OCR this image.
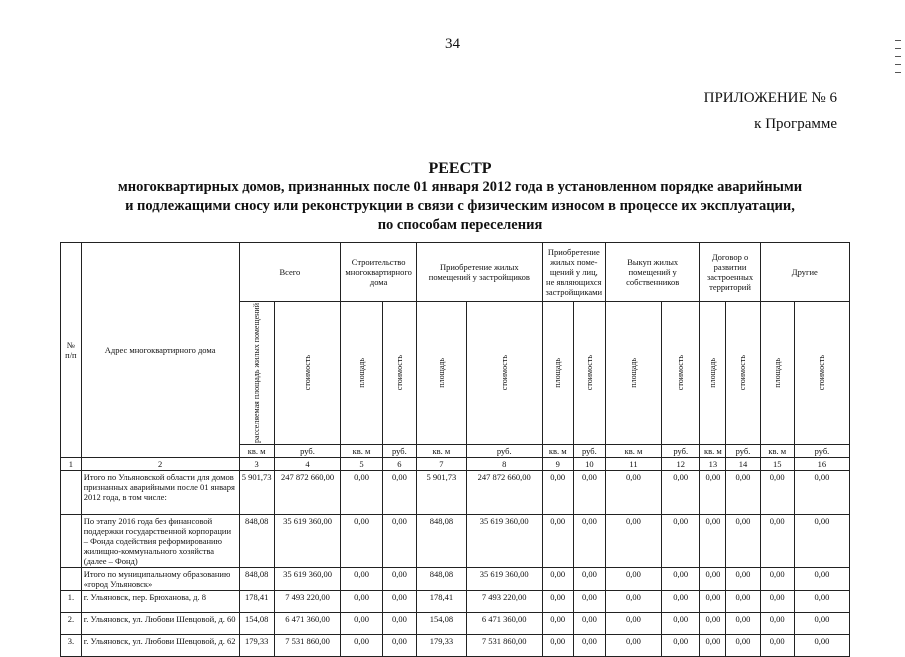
34
ПРИЛОЖЕНИЕ № 6
к Программе
РЕЕСТР
многоквартирных домов, признанных после 01 января 2012 года в установленном порядке аварийными
и подлежащими сносу или реконструкции в связи с физическим износом в процессе их эксплуатации,
по способам переселения
№ п/п	Адрес многоквартирного дома	Всего		Строительство многоквартирного дома		Приобретение жилых помещений у застройщиков		Приобретение жилых поме-щений у лиц, не являющихся застройщиками		Выкуп жилых помещений у собственников		Договор о развитии застроенных территорий		Другие	

		расселяемая площадь жилых помещений	стоимость	площадь	стоимость	площадь	стоимость	площадь	стоимость	площадь	стоимость	площадь	стоимость	площадь	стоимость

		кв. м	руб.	кв. м	руб.	кв. м	руб.	кв. м	руб.	кв. м	руб.	кв. м	руб.	кв. м	руб.
1	2	3	4	5	6	7	8	9	10	11	12	13	14	15	16
	Итого по Ульяновской области для домов признанных аварийными после 01 января 2012 года, в том числе:	5 901,73	247 872 660,00	0,00	0,00	5 901,73	247 872 660,00	0,00	0,00	0,00	0,00	0,00	0,00	0,00	0,00
	По этапу 2016 года без финансовой поддержки государственной корпорации – Фонда содействия реформированию жилищно-коммунального хозяйства (далее – Фонд)	848,08	35 619 360,00	0,00	0,00	848,08	35 619 360,00	0,00	0,00	0,00	0,00	0,00	0,00	0,00	0,00
	Итого по муниципальному образованию «город Ульяновск»	848,08	35 619 360,00	0,00	0,00	848,08	35 619 360,00	0,00	0,00	0,00	0,00	0,00	0,00	0,00	0,00
1.	г. Ульяновск, пер. Брюханова, д. 8	178,41	7 493 220,00	0,00	0,00	178,41	7 493 220,00	0,00	0,00	0,00	0,00	0,00	0,00	0,00	0,00
2.	г. Ульяновск, ул. Любови Шевцовой, д. 60	154,08	6 471 360,00	0,00	0,00	154,08	6 471 360,00	0,00	0,00	0,00	0,00	0,00	0,00	0,00	0,00
3.	г. Ульяновск, ул. Любови Шевцовой, д. 62	179,33	7 531 860,00	0,00	0,00	179,33	7 531 860,00	0,00	0,00	0,00	0,00	0,00	0,00	0,00	0,00
